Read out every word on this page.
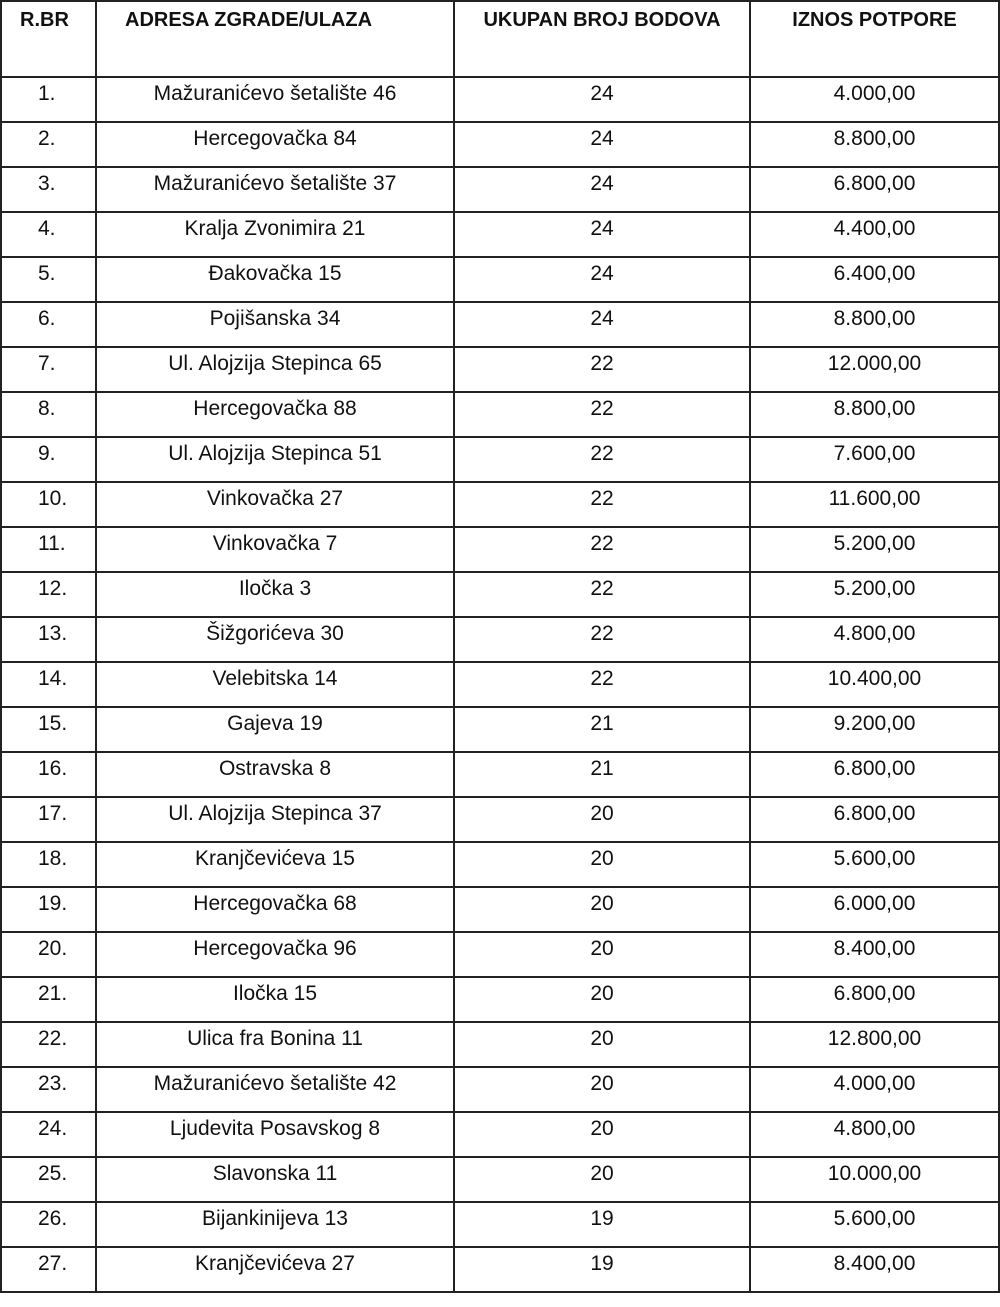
R.BR	ADRESA ZGRADE/ULAZA	UKUPAN BROJ BODOVA	IZNOS POTPORE
1.	Mažuranićevo šetalište 46	24	4.000,00
2.	Hercegovačka 84	24	8.800,00
3.	Mažuranićevo šetalište 37	24	6.800,00
4.	Kralja Zvonimira 21	24	4.400,00
5.	Đakovačka 15	24	6.400,00
6.	Pojišanska 34	24	8.800,00
7.	Ul. Alojzija Stepinca 65	22	12.000,00
8.	Hercegovačka 88	22	8.800,00
9.	Ul. Alojzija Stepinca 51	22	7.600,00
10.	Vinkovačka 27	22	11.600,00
11.	Vinkovačka 7	22	5.200,00
12.	Iločka 3	22	5.200,00
13.	Šižgorićeva 30	22	4.800,00
14.	Velebitska 14	22	10.400,00
15.	Gajeva 19	21	9.200,00
16.	Ostravska 8	21	6.800,00
17.	Ul. Alojzija Stepinca 37	20	6.800,00
18.	Kranjčevićeva 15	20	5.600,00
19.	Hercegovačka 68	20	6.000,00
20.	Hercegovačka 96	20	8.400,00
21.	Iločka 15	20	6.800,00
22.	Ulica fra Bonina 11	20	12.800,00
23.	Mažuranićevo šetalište 42	20	4.000,00
24.	Ljudevita Posavskog 8	20	4.800,00
25.	Slavonska 11	20	10.000,00
26.	Bijankinijeva 13	19	5.600,00
27.	Kranjčevićeva 27	19	8.400,00
